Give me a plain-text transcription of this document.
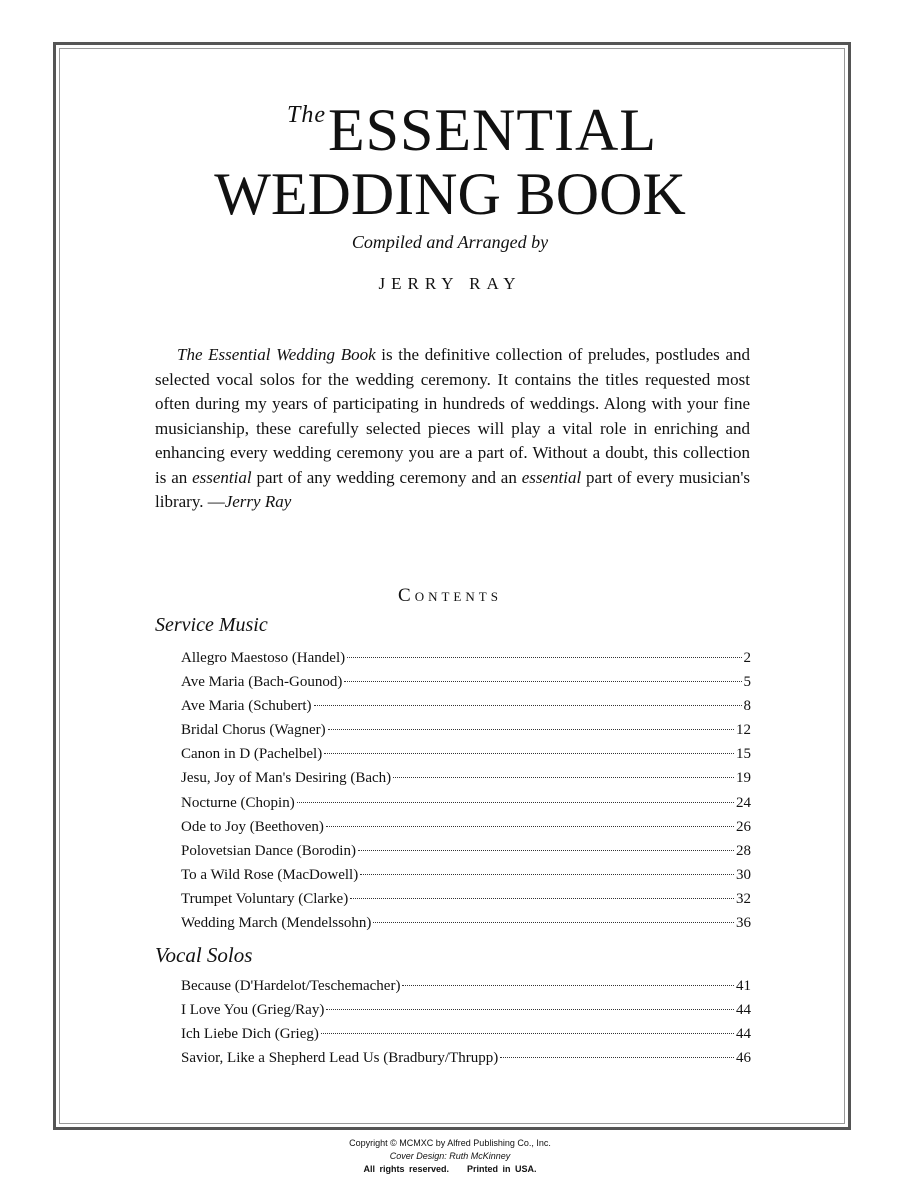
$^{The}$ESSENTIAL
WEDDING BOOK
Compiled and Arranged by
JERRY RAY

The Essential Wedding Book is the definitive collection of preludes, postludes and selected vocal solos for the wedding ceremony. It contains the titles requested most often during my years of participating in hundreds of weddings. Along with your fine musicianship, these carefully selected pieces will play a vital role in enriching and enhancing every wedding ceremony you are a part of. Without a doubt, this collection is an essential part of any wedding ceremony and an essential part of every musician's library. —Jerry Ray

Contents
Service Music
Allegro Maestoso (Handel)	2
Ave Maria (Bach-Gounod)	5
Ave Maria (Schubert)	8
Bridal Chorus (Wagner)	12
Canon in D (Pachelbel)	15
Jesu, Joy of Man's Desiring (Bach)	19
Nocturne (Chopin)	24
Ode to Joy (Beethoven)	26
Polovetsian Dance (Borodin)	28
To a Wild Rose (MacDowell)	30
Trumpet Voluntary (Clarke)	32
Wedding March (Mendelssohn)	36
Vocal Solos
Because (D'Hardelot/Teschemacher)	41
I Love You (Grieg/Ray)	44
Ich Liebe Dich (Grieg)	44
Savior, Like a Shepherd Lead Us (Bradbury/Thrupp)	46
Copyright © MCMXC by Alfred Publishing Co., Inc.
Cover Design: Ruth McKinney
All rights reserved. Printed in USA.
